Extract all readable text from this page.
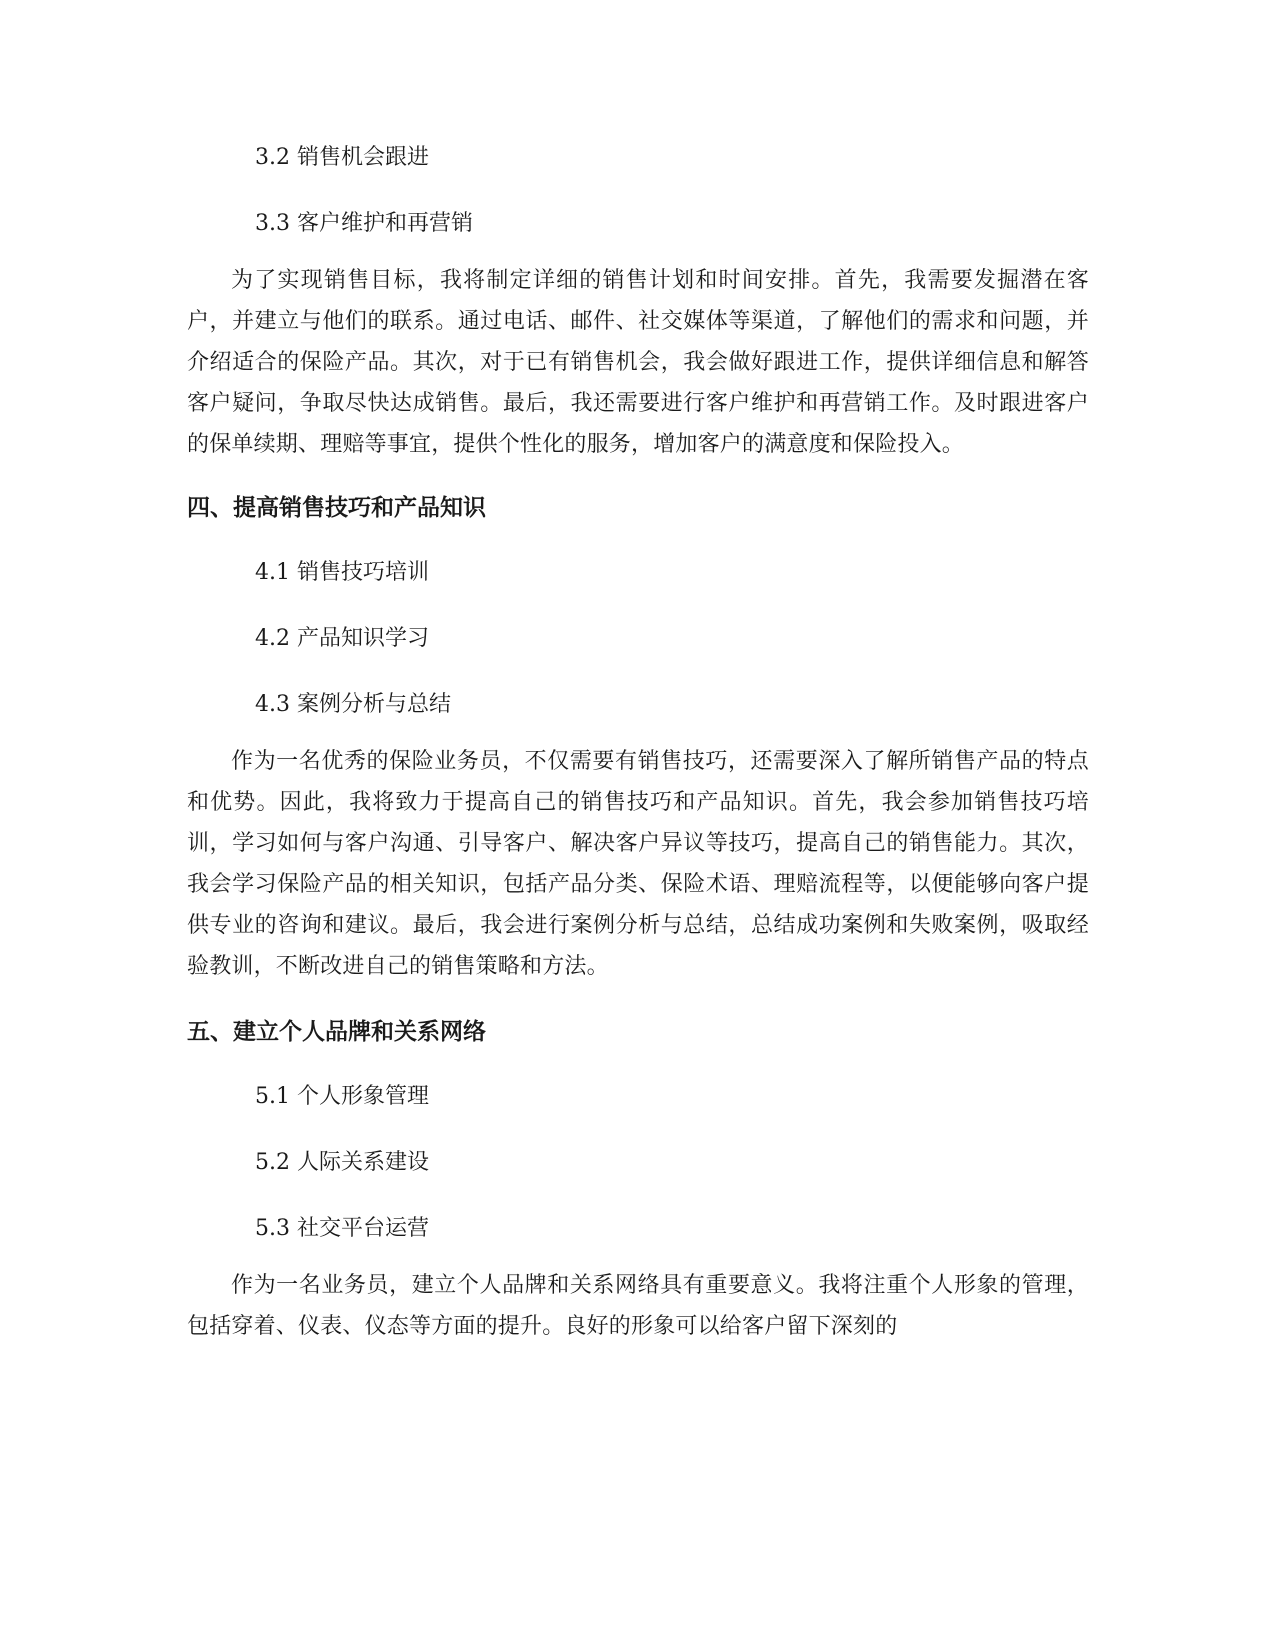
3.2 销售机会跟进
3.3 客户维护和再营销

为了实现销售目标，我将制定详细的销售计划和时间安排。首先，我需要发掘潜在客户，并建立与他们的联系。通过电话、邮件、社交媒体等渠道，了解他们的需求和问题，并介绍适合的保险产品。其次，对于已有销售机会，我会做好跟进工作，提供详细信息和解答客户疑问，争取尽快达成销售。最后，我还需要进行客户维护和再营销工作。及时跟进客户的保单续期、理赔等事宜，提供个性化的服务，增加客户的满意度和保险投入。

四、提高销售技巧和产品知识
4.1 销售技巧培训
4.2 产品知识学习
4.3 案例分析与总结

作为一名优秀的保险业务员，不仅需要有销售技巧，还需要深入了解所销售产品的特点和优势。因此，我将致力于提高自己的销售技巧和产品知识。首先，我会参加销售技巧培训，学习如何与客户沟通、引导客户、解决客户异议等技巧，提高自己的销售能力。其次，我会学习保险产品的相关知识，包括产品分类、保险术语、理赔流程等，以便能够向客户提供专业的咨询和建议。最后，我会进行案例分析与总结，总结成功案例和失败案例，吸取经验教训，不断改进自己的销售策略和方法。

五、建立个人品牌和关系网络
5.1 个人形象管理
5.2 人际关系建设
5.3 社交平台运营

作为一名业务员，建立个人品牌和关系网络具有重要意义。我将注重个人形象的管理，包括穿着、仪表、仪态等方面的提升。良好的形象可以给客户留下深刻的
